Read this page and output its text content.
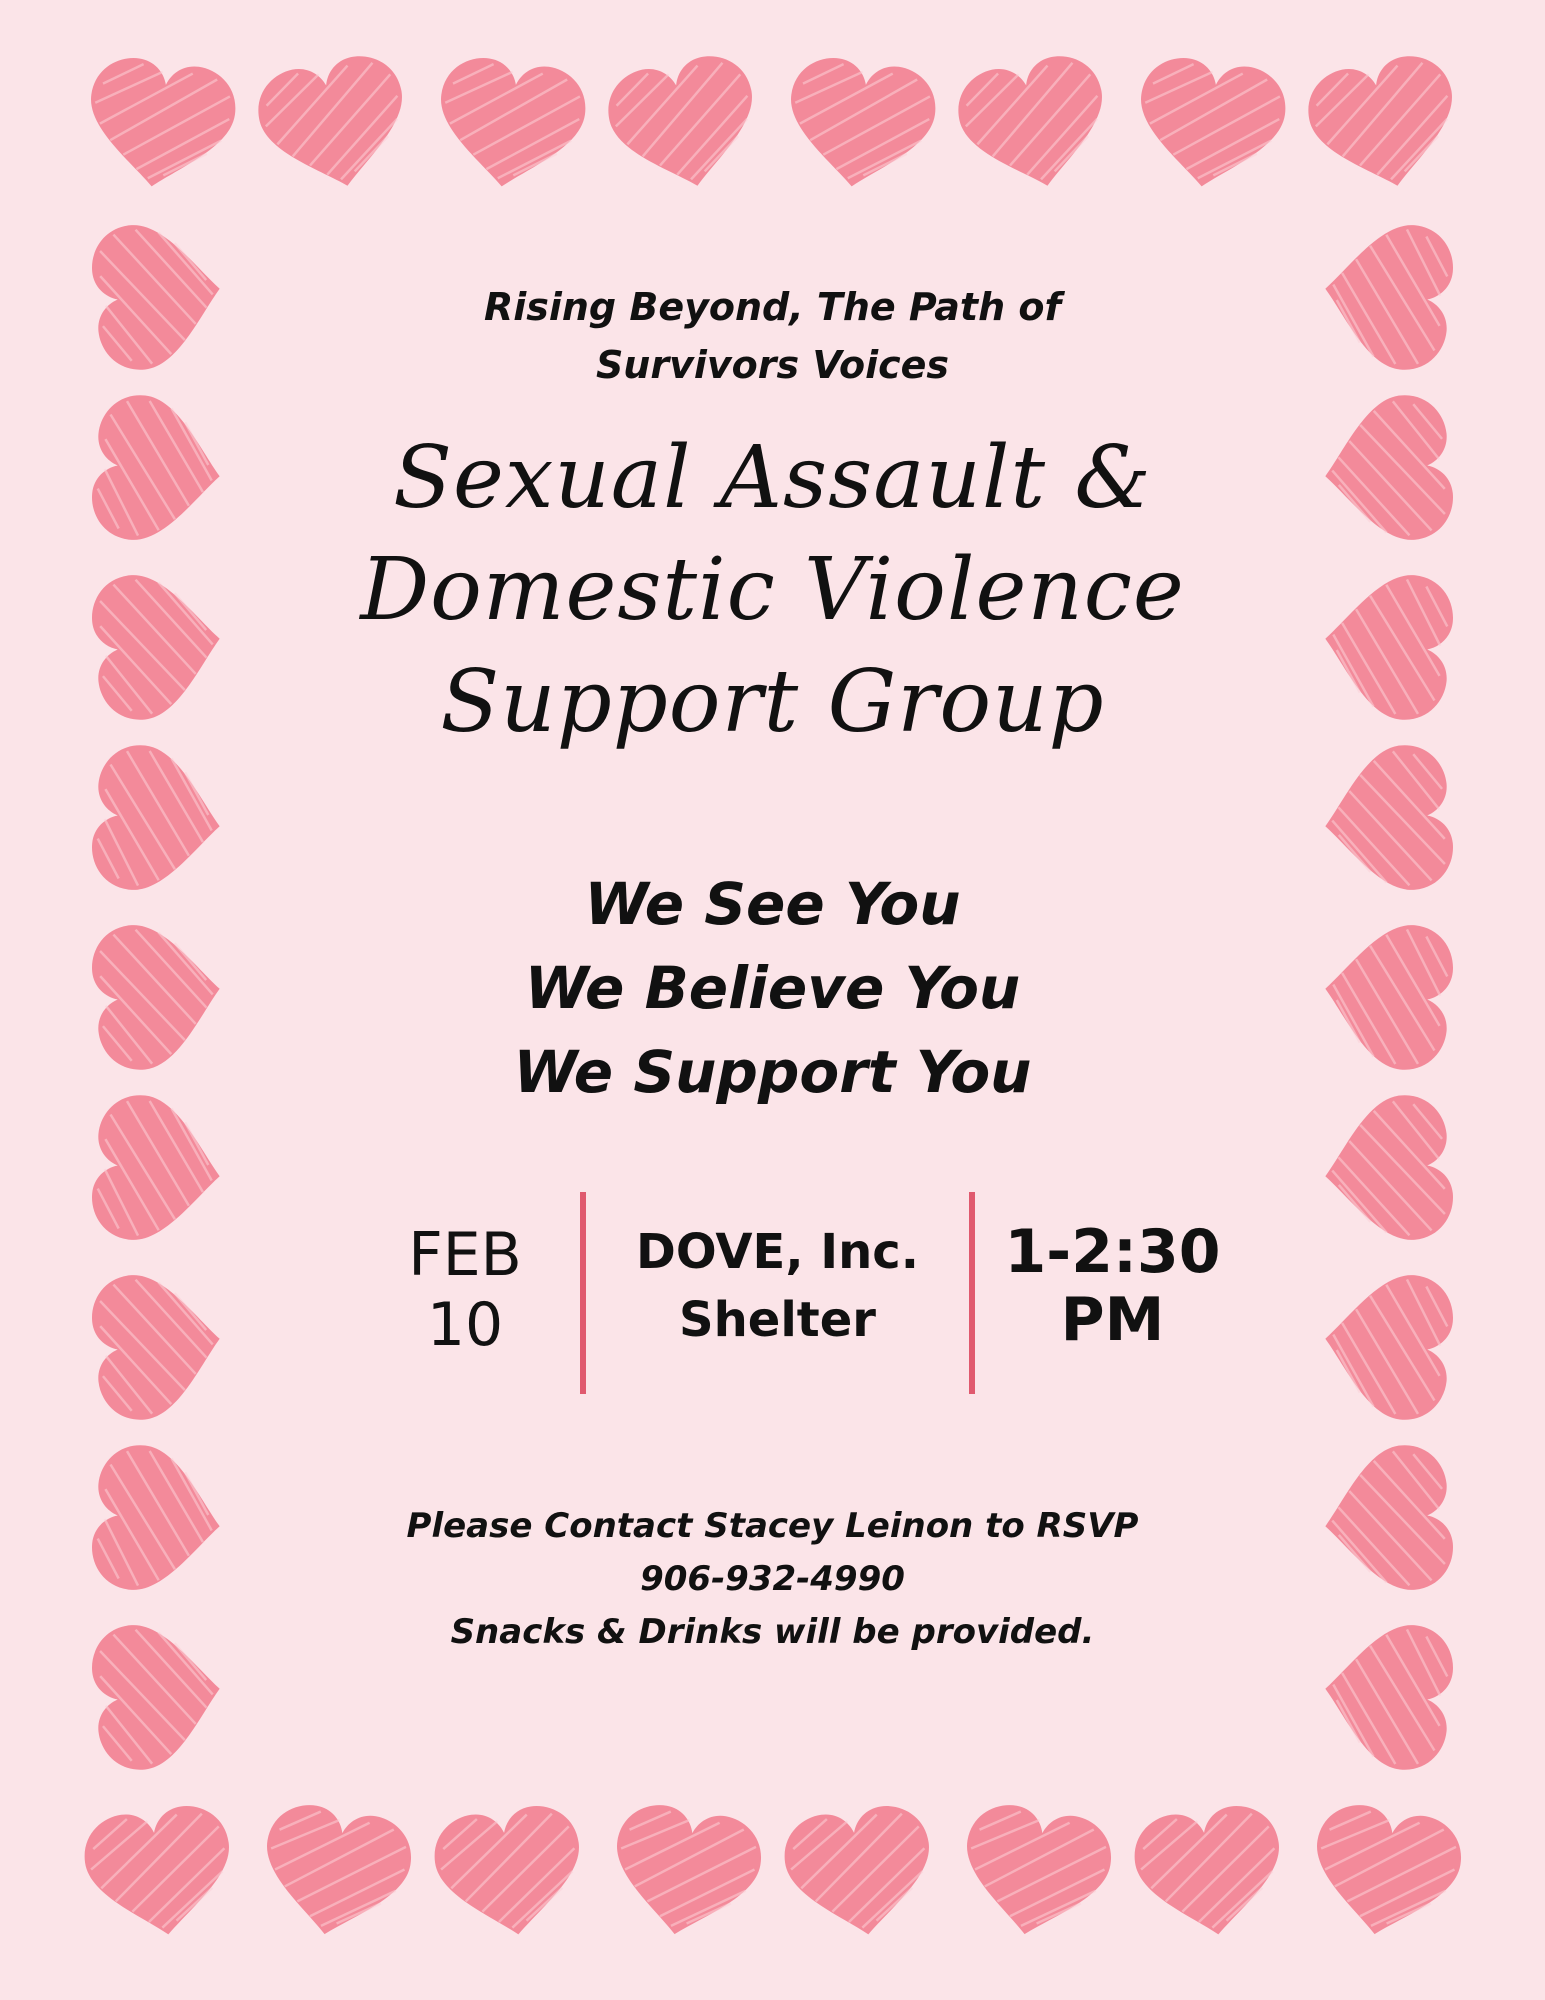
Rising Beyond, The Path of
Survivors Voices
Sexual Assault &
Domestic Violence
Support Group
We See You
We Believe You
We Support You
FEB
10
DOVE, Inc.
Shelter
1-2:30
PM
Please Contact Stacey Leinon to RSVP
906-932-4990
Snacks & Drinks will be provided.
